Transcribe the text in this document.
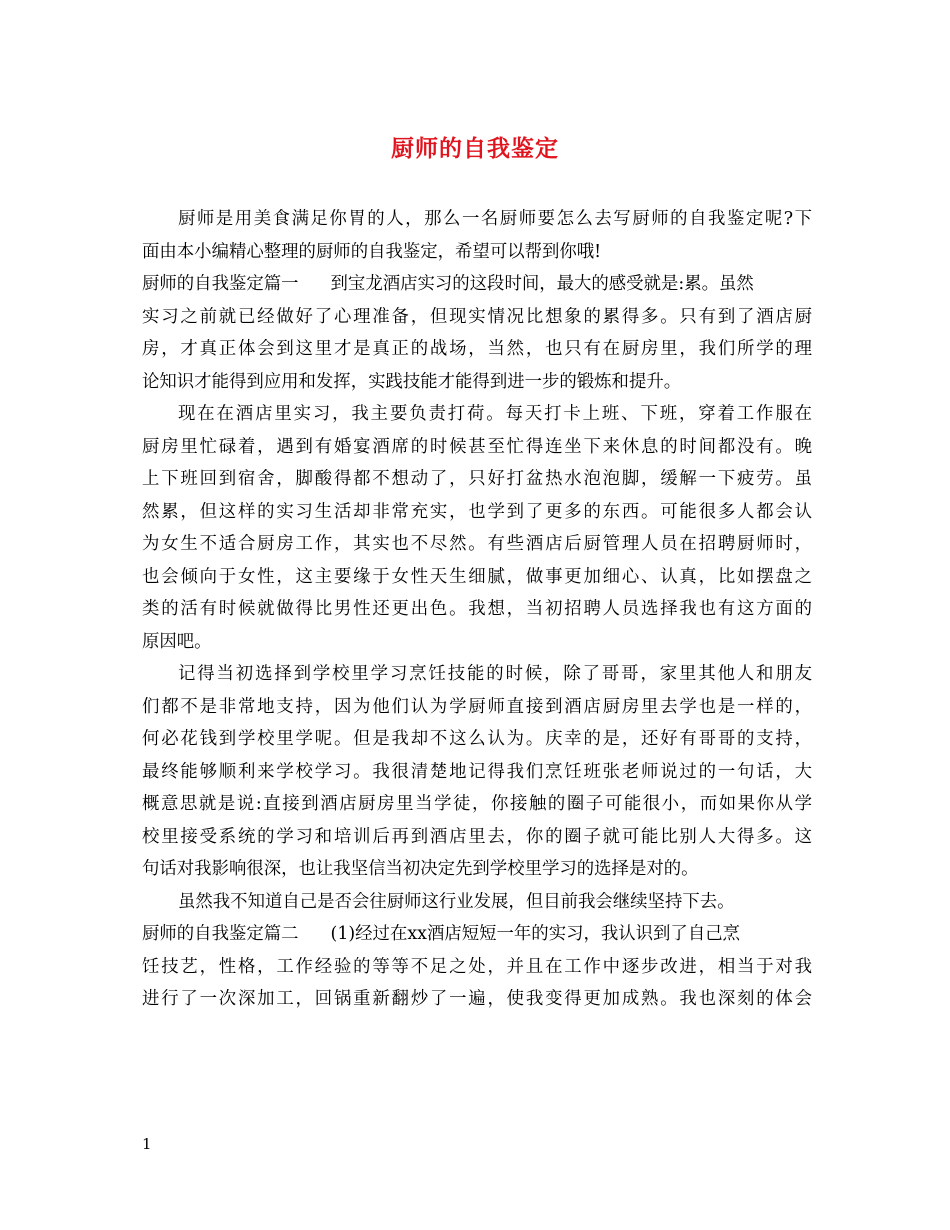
厨师的自我鉴定
厨师是用美食满足你胃的人，那么一名厨师要怎么去写厨师的自我鉴定呢?下
面由本小编精心整理的厨师的自我鉴定，希望可以帮到你哦!
厨师的自我鉴定篇一 到宝龙酒店实习的这段时间，最大的感受就是:累。虽然
实习之前就已经做好了心理准备，但现实情况比想象的累得多。只有到了酒店厨
房，才真正体会到这里才是真正的战场，当然，也只有在厨房里，我们所学的理
论知识才能得到应用和发挥，实践技能才能得到进一步的锻炼和提升。
现在在酒店里实习，我主要负责打荷。每天打卡上班、下班，穿着工作服在
厨房里忙碌着，遇到有婚宴酒席的时候甚至忙得连坐下来休息的时间都没有。晚
上下班回到宿舍，脚酸得都不想动了，只好打盆热水泡泡脚，缓解一下疲劳。虽
然累，但这样的实习生活却非常充实，也学到了更多的东西。可能很多人都会认
为女生不适合厨房工作，其实也不尽然。有些酒店后厨管理人员在招聘厨师时，
也会倾向于女性，这主要缘于女性天生细腻，做事更加细心、认真，比如摆盘之
类的活有时候就做得比男性还更出色。我想，当初招聘人员选择我也有这方面的
原因吧。
记得当初选择到学校里学习烹饪技能的时候，除了哥哥，家里其他人和朋友
们都不是非常地支持，因为他们认为学厨师直接到酒店厨房里去学也是一样的，
何必花钱到学校里学呢。但是我却不这么认为。庆幸的是，还好有哥哥的支持，
最终能够顺利来学校学习。我很清楚地记得我们烹饪班张老师说过的一句话，大
概意思就是说:直接到酒店厨房里当学徒，你接触的圈子可能很小，而如果你从学
校里接受系统的学习和培训后再到酒店里去，你的圈子就可能比别人大得多。这
句话对我影响很深，也让我坚信当初决定先到学校里学习的选择是对的。
虽然我不知道自己是否会往厨师这行业发展，但目前我会继续坚持下去。
厨师的自我鉴定篇二 (1)经过在xx酒店短短一年的实习，我认识到了自己烹
饪技艺，性格，工作经验的等等不足之处，并且在工作中逐步改进，相当于对我
进行了一次深加工，回锅重新翻炒了一遍，使我变得更加成熟。我也深刻的体会
1
